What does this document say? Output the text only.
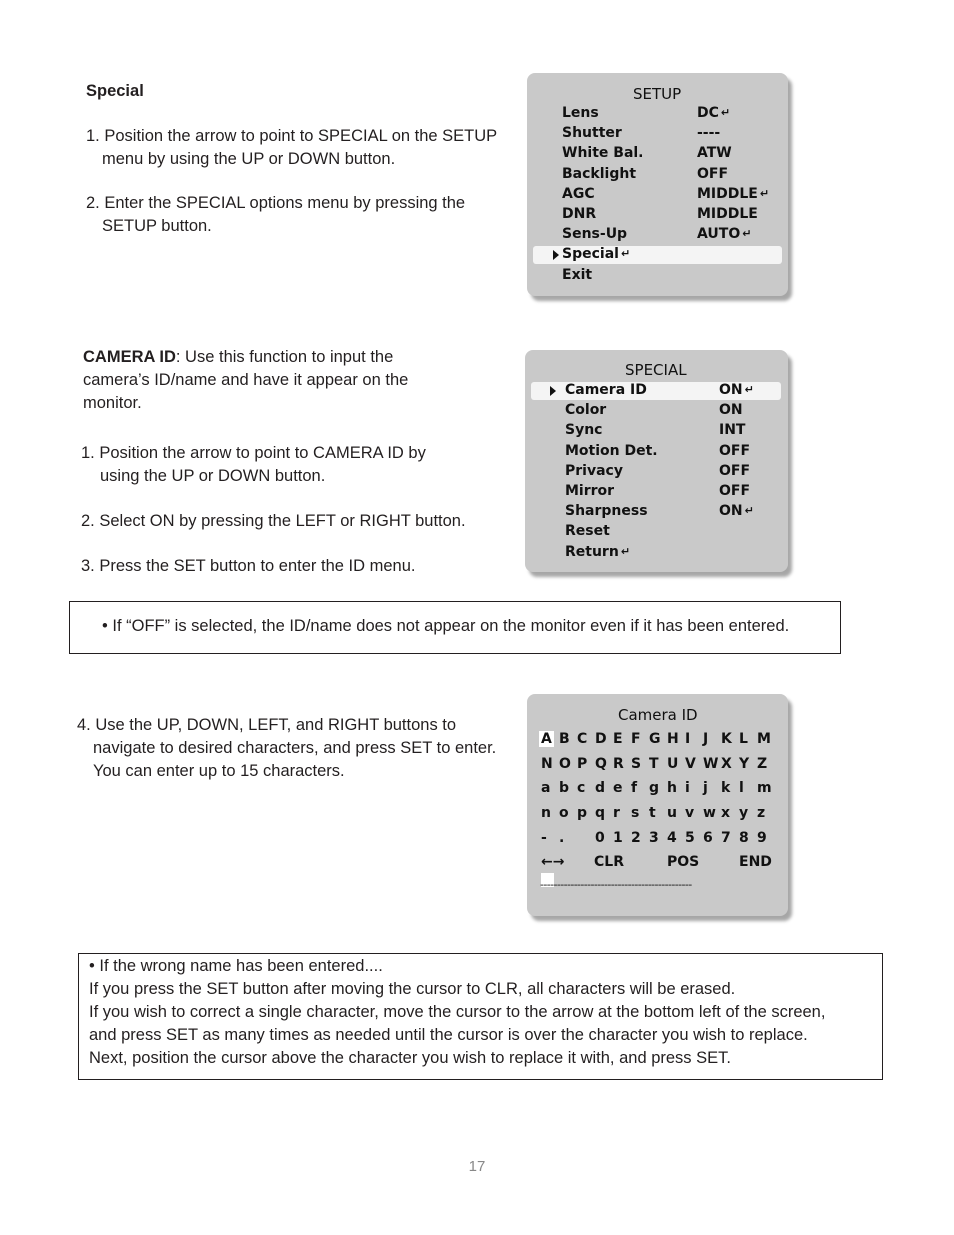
Special
1. Position the arrow to point to SPECIAL on the SETUP
menu by using the UP or DOWN button.
2. Enter the SPECIAL options menu by pressing the
SETUP button.
SETUP
Lens	DC ↵
Shutter	----
White Bal.	ATW
Backlight	OFF
AGC	MIDDLE ↵
DNR	MIDDLE
Sens-Up	AUTO ↵
Special ↵
Exit
CAMERA ID: Use this function to input the
camera’s ID/name and have it appear on the
monitor.
1. Position the arrow to point to CAMERA ID by
using the UP or DOWN button.
2. Select ON by pressing the LEFT or RIGHT button.
3. Press the SET button to enter the ID menu.
SPECIAL
Camera ID	ON ↵
Color	ON
Sync	INT
Motion Det.	OFF
Privacy	OFF
Mirror	OFF
Sharpness	ON ↵
Reset
Return ↵
• If “OFF” is selected, the ID/name does not appear on the monitor even if it has been entered.
4. Use the UP, DOWN, LEFT, and RIGHT buttons to
navigate to desired characters, and press SET to enter.
You can enter up to 15 characters.
Camera ID
A B C D E F G H I J K L M
N O P Q R S T U V W X Y Z
a b c d e f g h i j k l m
n o p q r s t u v w x y z
- . 0 1 2 3 4 5 6 7 8 9
←→ CLR	POS	END
---------------------------------------------
• If the wrong name has been entered....
If you press the SET button after moving the cursor to CLR, all characters will be erased.
If you wish to correct a single character, move the cursor to the arrow at the bottom left of the screen,
and press SET as many times as needed until the cursor is over the character you wish to replace.
Next, position the cursor above the character you wish to replace it with, and press SET.
17
